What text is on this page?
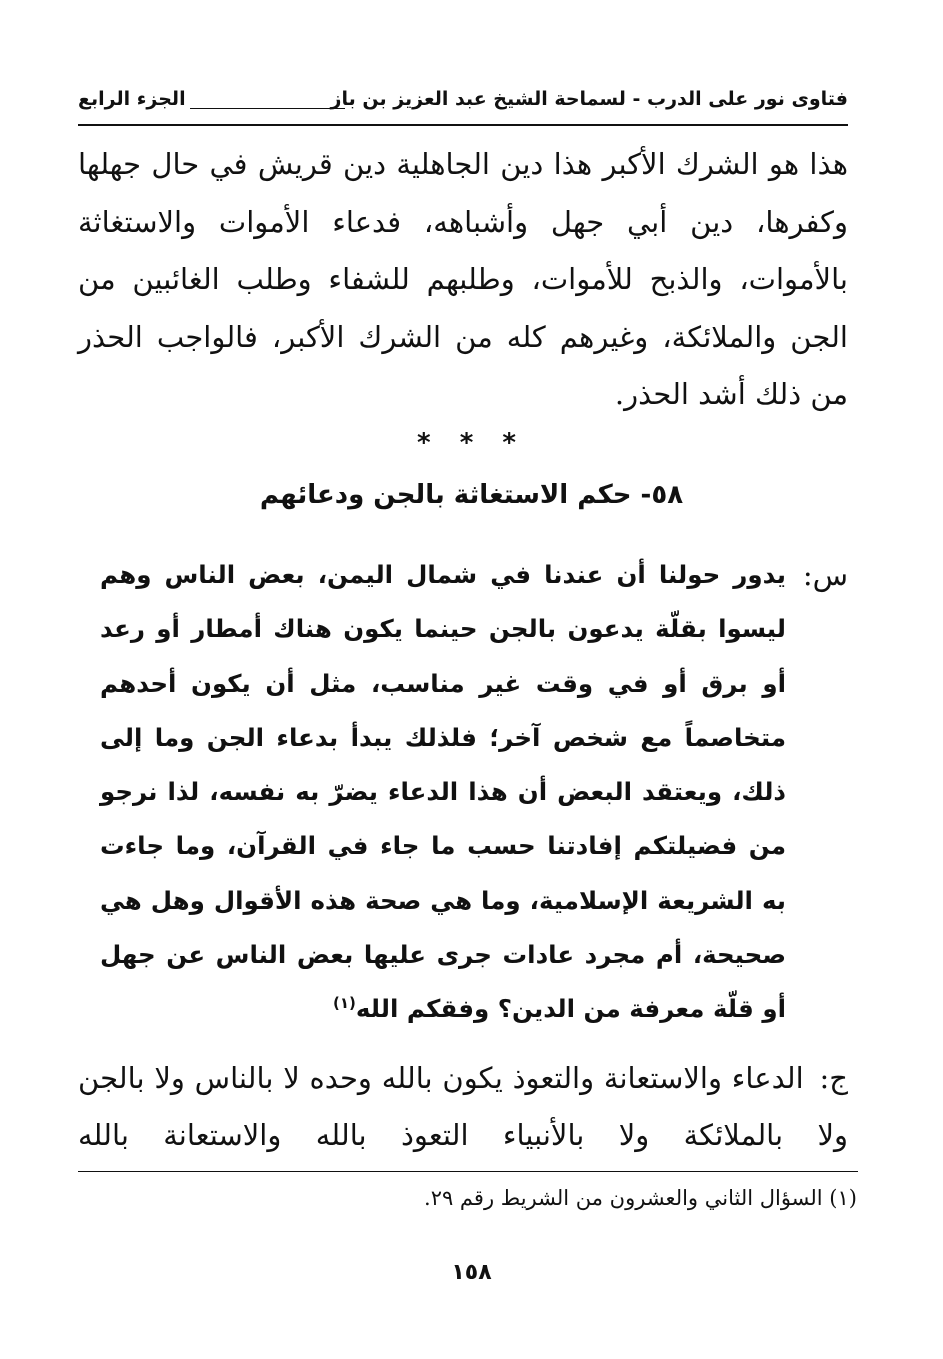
فتاوى نور على الدرب - لسماحة الشيخ عبد العزيز بن باز
الجزء الرابع

هذا هو الشرك الأكبر هذا دين الجاهلية دين قريش في حال جهلها وكفرها، دين أبي جهل وأشباهه، فدعاء الأموات والاستغاثة بالأموات، والذبح للأموات، وطلبهم للشفاء وطلب الغائبين من الجن والملائكة، وغيرهم كله من الشرك الأكبر، فالواجب الحذر من ذلك أشد الحذر.

* * *
٥٨- حكم الاستغاثة بالجن ودعائهم
س:

يدور حولنا أن عندنا في شمال اليمن، بعض الناس وهم ليسوا بقلّة يدعون بالجن حينما يكون هناك أمطار أو رعد أو برق أو في وقت غير مناسب، مثل أن يكون أحدهم متخاصماً مع شخص آخر؛ فلذلك يبدأ بدعاء الجن وما إلى ذلك، ويعتقد البعض أن هذا الدعاء يضرّ به نفسه، لذا نرجو من فضيلتكم إفادتنا حسب ما جاء في القرآن، وما جاءت به الشريعة الإسلامية، وما هي صحة هذه الأقوال وهل هي صحيحة، أم مجرد عادات جرى عليها بعض الناس عن جهل أو قلّة معرفة من الدين؟ وفقكم الله$^{(١)}$

ج: الدعاء والاستعانة والتعوذ يكون بالله وحده لا بالناس ولا بالجن ولا بالملائكة ولا بالأنبياء التعوذ بالله والاستعانة بالله

(١) السؤال الثاني والعشرون من الشريط رقم ٢٩.

١٥٨
